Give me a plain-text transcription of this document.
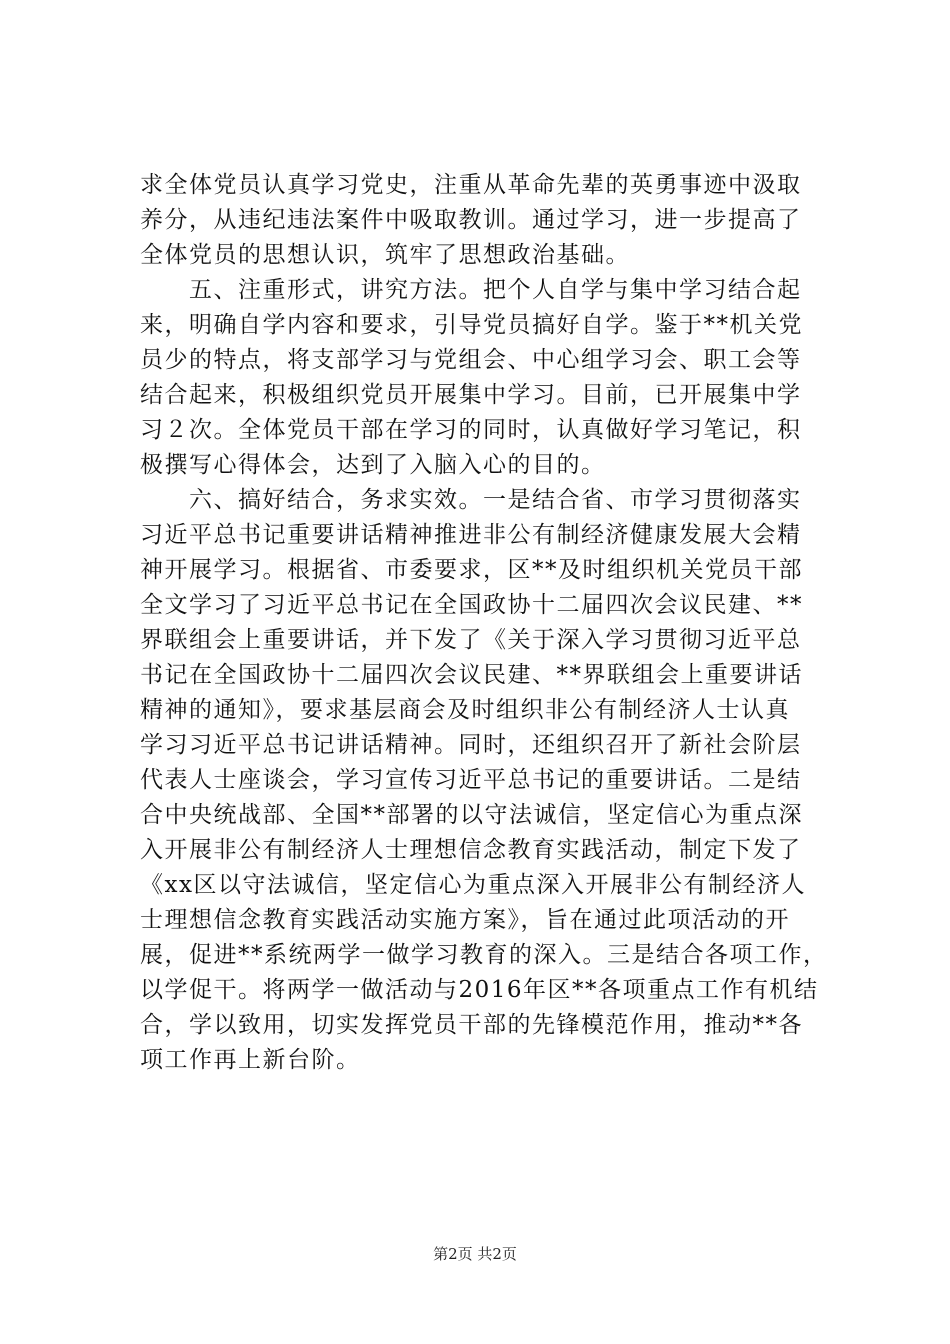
求全体党员认真学习党史，注重从革命先辈的英勇事迹中汲取
养分，从违纪违法案件中吸取教训。通过学习，进一步提高了
全体党员的思想认识，筑牢了思想政治基础。
　　五、注重形式，讲究方法。把个人自学与集中学习结合起
来，明确自学内容和要求，引导党员搞好自学。鉴于**机关党
员少的特点，将支部学习与党组会、中心组学习会、职工会等
结合起来，积极组织党员开展集中学习。目前，已开展集中学
习２次。全体党员干部在学习的同时，认真做好学习笔记，积
极撰写心得体会，达到了入脑入心的目的。
　　六、搞好结合，务求实效。一是结合省、市学习贯彻落实
习近平总书记重要讲话精神推进非公有制经济健康发展大会精
神开展学习。根据省、市委要求，区**及时组织机关党员干部
全文学习了习近平总书记在全国政协十二届四次会议民建、**
界联组会上重要讲话，并下发了《关于深入学习贯彻习近平总
书记在全国政协十二届四次会议民建、**界联组会上重要讲话
精神的通知》，要求基层商会及时组织非公有制经济人士认真
学习习近平总书记讲话精神。同时，还组织召开了新社会阶层
代表人士座谈会，学习宣传习近平总书记的重要讲话。二是结
合中央统战部、全国**部署的以守法诚信，坚定信心为重点深
入开展非公有制经济人士理想信念教育实践活动，制定下发了
《xx区以守法诚信，坚定信心为重点深入开展非公有制经济人
士理想信念教育实践活动实施方案》，旨在通过此项活动的开
展，促进**系统两学一做学习教育的深入。三是结合各项工作，
以学促干。将两学一做活动与2016年区**各项重点工作有机结
合，学以致用，切实发挥党员干部的先锋模范作用，推动**各
项工作再上新台阶。
第2页 共2页
